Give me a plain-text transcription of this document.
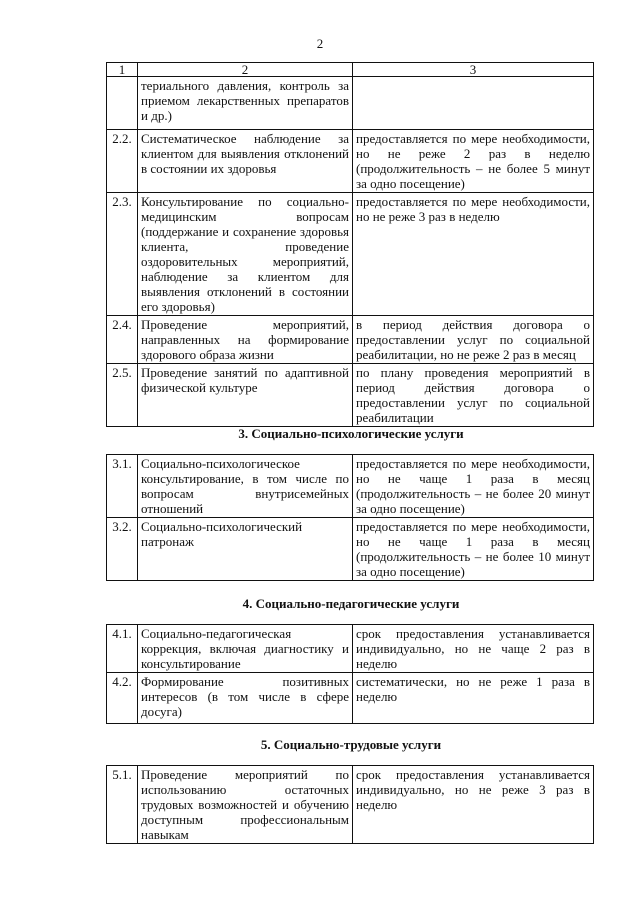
2
1	2	3
	териального давления, контроль за приемом лекарственных препаратов и др.)	
2.2.	Систематическое наблюдение за клиентом для выявления отклонений в состоянии их здоровья	предоставляется по мере необходимости, но не реже 2 раз в неделю (продолжительность – не более 5 минут за одно посещение)
2.3.	Консультирование по социально-медицинским вопросам (поддержание и сохранение здоровья клиента, проведение оздоровительных мероприятий, наблюдение за клиентом для выявления отклонений в состоянии его здоровья)	предоставляется по мере необходимости, но не реже 3 раз в неделю
2.4.	Проведение мероприятий, направленных на формирование здорового образа жизни	в период действия договора о предоставлении услуг по социальной реабилитации, но не реже 2 раз в месяц
2.5.	Проведение занятий по адаптивной физической культуре	по плану проведения мероприятий в период действия договора о предоставлении услуг по социальной реабилитации
3. Социально-психологические услуги
3.1.	Социально-психологическое консультирование, в том числе по вопросам внутрисемейных отношений	предоставляется по мере необходимости, но не чаще 1 раза в месяц (продолжительность – не более 20 минут за одно посещение)
3.2.	Социально-психологический патронаж	предоставляется по мере необходимости, но не чаще 1 раза в месяц (продолжительность – не более 10 минут за одно посещение)
4. Социально-педагогические услуги
4.1.	Социально-педагогическая коррекция, включая диагностику и консультирование	срок предоставления устанавливается индивидуально, но не чаще 2 раз в неделю
4.2.	Формирование позитивных интересов (в том числе в сфере досуга)	систематически, но не реже 1 раза в неделю
5. Социально-трудовые услуги
5.1.	Проведение мероприятий по использованию остаточных трудовых возможностей и обучению доступным профессиональным навыкам	срок предоставления устанавливается индивидуально, но не реже 3 раз в неделю
